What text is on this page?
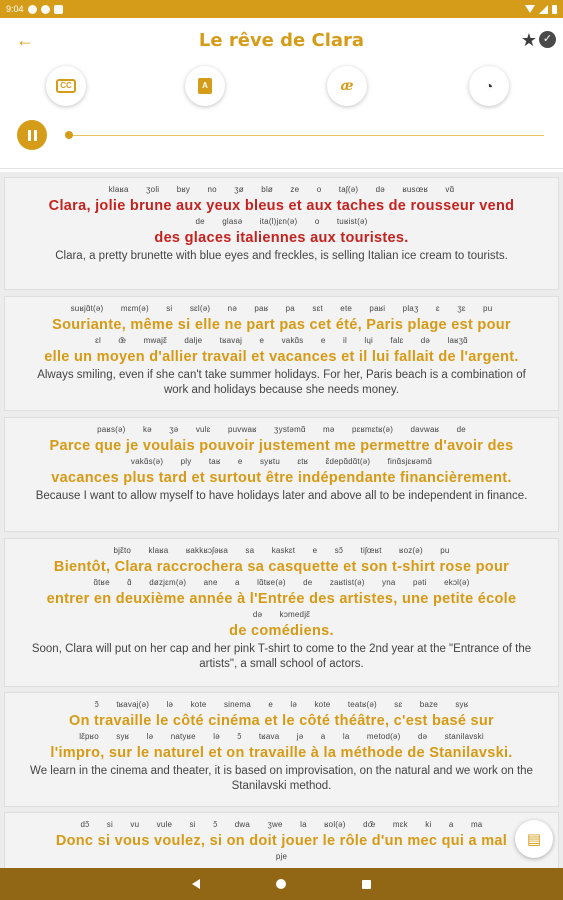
9:04
←	Le rêve de Clara	★ ✓
CC	A	æ	◔
klaʁa ʒoli bʁy no ʒø blø ze o taʃ(ə) də ʁusœʁ vɑ̃
Clara, jolie brune aux yeux bleus et aux taches de rousseur vend
de glasə ita(l)jɛn(ə) o tuʁist(ə)
des glaces italiennes aux touristes.
Clara, a pretty brunette with blue eyes and freckles, is selling Italian ice cream to tourists.
suʁjɑ̃t(ə) mɛm(ə) si sɛl(ə) nə paʁ pa sɛt ete paʁi plaʒ ɛ ʒɛ pu
Souriante, même si elle ne part pas cet été, Paris plage est pour
ɛl œ̃ mwajɛ̃ dalje tʁavaj e vakɑ̃s e il lɥi falɛ də laʁʒɑ̃
elle un moyen d'allier travail et vacances et il lui fallait de l'argent.
Always smiling, even if she can't take summer holidays. For her, Paris beach is a combination of work and holidays because she needs money.
paʁs(ə) kə ʒə vulɛ puvwaʁ ʒystəmɑ̃ mə pɛʁmɛtʁ(ə) davwaʁ de
Parce que je voulais pouvoir justement me permettre d'avoir des
vakɑ̃s(ə) ply taʁ e syʁtu ɛtʁ ɛ̃depɑ̃dɑ̃t(ə) finɑ̃sjɛʁəmɑ̃
vacances plus tard et surtout être indépendante financièrement.
Because I want to allow myself to have holidays later and above all to be independent in finance.
bjɛ̃to klaʁa ʁakkʁɔʃəʁa sa kaskɛt e sɔ̃ tiʃœʁt ʁoz(ə) pu
Bientôt, Clara raccrochera sa casquette et son t-shirt rose pour
ɑ̃tʁe ɑ̃ døzjɛm(ə) ane a lɑ̃tʁe(ə) de zaʁtist(ə) yna pəti ekɔl(ə)
entrer en deuxième année à l'Entrée des artistes, une petite école
də kɔmedjɛ̃
de comédiens.
Soon, Clara will put on her cap and her pink T-shirt to come to the 2nd year at the "Entrance of the artists", a small school of actors.
ɔ̃ tʁavaj(ə) lə kote sinema e lə kote teatʁ(ə) sɛ baze syʁ
On travaille le côté cinéma et le côté théâtre, c'est basé sur
lɛ̃pʁo syʁ lə natyʁe lə ɔ̃ tʁava jə a la metod(ə) də stanilavski
l'impro, sur le naturel et on travaille à la méthode de Stanilavski.
We learn in the cinema and theater, it is based on improvisation, on the natural and we work on the Stanilavski method.
dɔ̃ si vu vule si ɔ̃ dwa ʒwe la ʁol(ə) dœ̃ mɛk ki a ma
Donc si vous voulez, si on doit jouer le rôle d'un mec qui a mal
pje
▤
